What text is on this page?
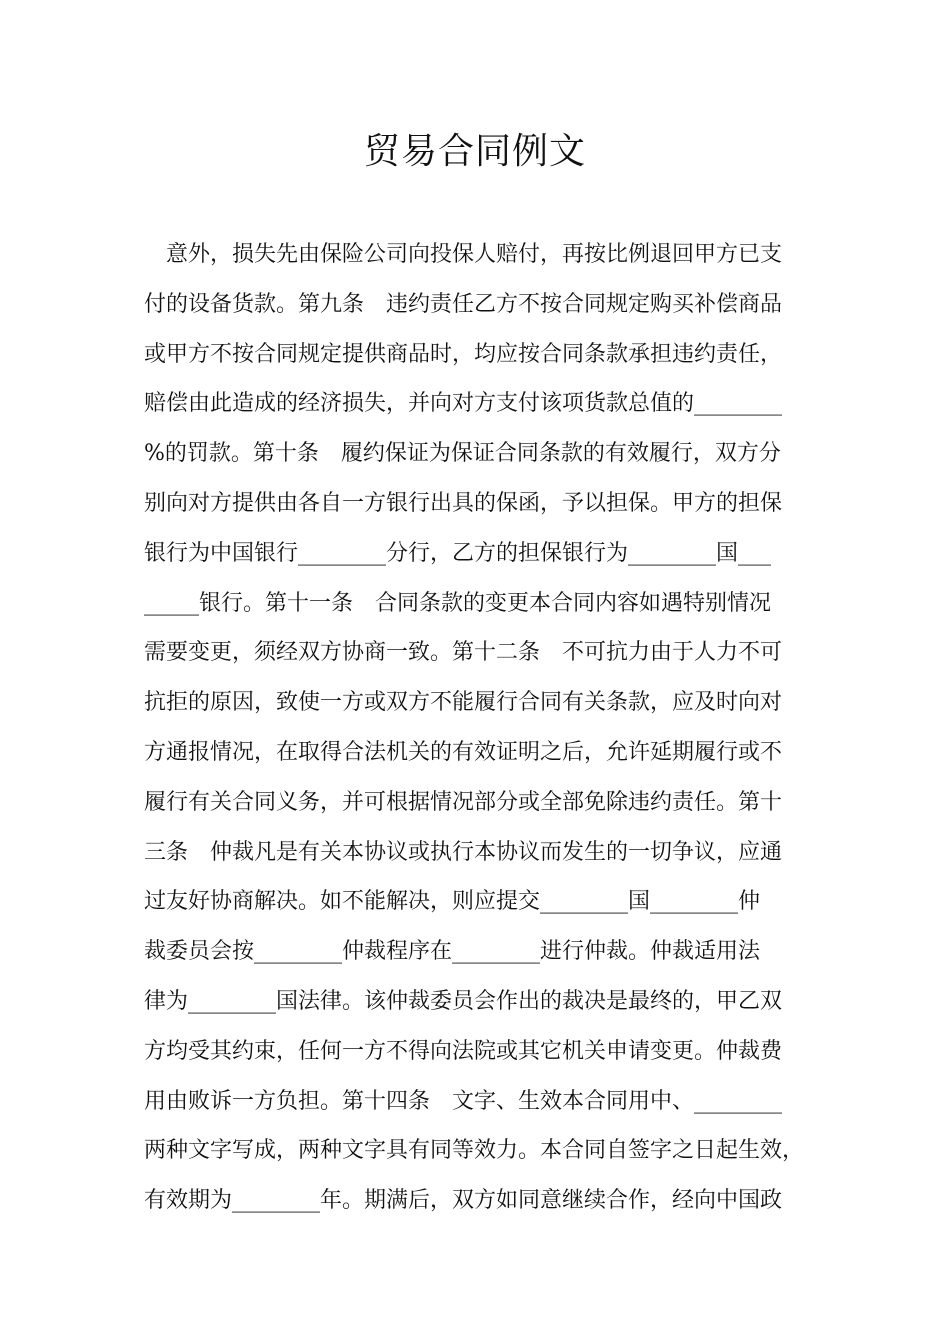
贸易合同例文
　意外，损失先由保险公司向投保人赔付，再按比例退回甲方已支
付的设备货款。第九条　违约责任乙方不按合同规定购买补偿商品
或甲方不按合同规定提供商品时，均应按合同条款承担违约责任，
赔偿由此造成的经济损失，并向对方支付该项货款总值的________
%的罚款。第十条　履约保证为保证合同条款的有效履行，双方分
别向对方提供由各自一方银行出具的保函，予以担保。甲方的担保
银行为中国银行________分行，乙方的担保银行为________国___
_____银行。第十一条　合同条款的变更本合同内容如遇特别情况
需要变更，须经双方协商一致。第十二条　不可抗力由于人力不可
抗拒的原因，致使一方或双方不能履行合同有关条款，应及时向对
方通报情况，在取得合法机关的有效证明之后，允许延期履行或不
履行有关合同义务，并可根据情况部分或全部免除违约责任。第十
三条　仲裁凡是有关本协议或执行本协议而发生的一切争议，应通
过友好协商解决。如不能解决，则应提交________国________仲
裁委员会按________仲裁程序在________进行仲裁。仲裁适用法
律为________国法律。该仲裁委员会作出的裁决是最终的，甲乙双
方均受其约束，任何一方不得向法院或其它机关申请变更。仲裁费
用由败诉一方负担。第十四条　文字、生效本合同用中、________
两种文字写成，两种文字具有同等效力。本合同自签字之日起生效，
有效期为________年。期满后，双方如同意继续合作，经向中国政
